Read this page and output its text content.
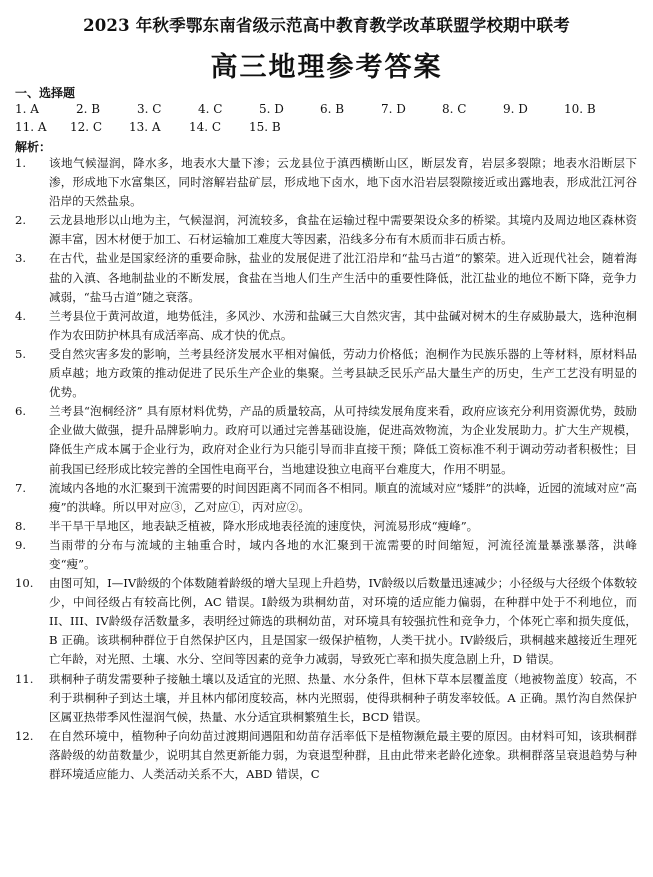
2023 年秋季鄂东南省级示范高中教育教学改革联盟学校期中联考
高三地理参考答案
一、选择题
1. A	2. B	3. C	4. C	5. D	6. B	7. D	8. C	9. D	10. B
11. A 12. C 13. A 14. C 15. B
解析：
1. 该地气候湿润，降水多，地表水大量下渗；云龙县位于滇西横断山区，断层发育，岩层多裂隙；地表水沿断层下渗，形成地下水富集区，同时溶解岩盐矿层，形成地下卤水，地下卤水沿岩层裂隙接近或出露地表，形成沘江河谷沿岸的天然盐泉。
2. 云龙县地形以山地为主，气候湿润，河流较多，食盐在运输过程中需要架设众多的桥梁。其境内及周边地区森林资源丰富，因木材便于加工、石材运输加工难度大等因素，沿线多分布有木质而非石质古桥。
3. 在古代，盐业是国家经济的重要命脉，盐业的发展促进了沘江沿岸和“盐马古道”的繁荣。进入近现代社会，随着海盐的入滇、各地制盐业的不断发展，食盐在当地人们生产生活中的重要性降低，沘江盐业的地位不断下降，竞争力减弱，“盐马古道”随之衰落。
4. 兰考县位于黄河故道，地势低洼，多风沙、水涝和盐碱三大自然灾害，其中盐碱对树木的生存威胁最大，选种泡桐作为农田防护林具有成活率高、成才快的优点。
5. 受自然灾害多发的影响，兰考县经济发展水平相对偏低，劳动力价格低；泡桐作为民族乐器的上等材料，原材料品质卓越；地方政策的推动促进了民乐生产企业的集聚。兰考县缺乏民乐产品大量生产的历史，生产工艺没有明显的优势。
6. 兰考县“泡桐经济” 具有原材料优势，产品的质量较高，从可持续发展角度来看，政府应该充分利用资源优势，鼓励企业做大做强，提升品牌影响力。政府可以通过完善基础设施，促进高效物流，为企业发展助力。扩大生产规模，降低生产成本属于企业行为，政府对企业行为只能引导而非直接干预；降低工资标准不利于调动劳动者积极性；目前我国已经形成比较完善的全国性电商平台，当地建设独立电商平台难度大，作用不明显。
7. 流域内各地的水汇聚到干流需要的时间因距离不同而各不相同。顺直的流域对应“矮胖”的洪峰，近园的流域对应“高瘦”的洪峰。所以甲对应③，乙对应①，丙对应②。
8. 半干旱干旱地区，地表缺乏植被，降水形成地表径流的速度快，河流易形成“瘦峰”。
9. 当雨带的分布与流域的主轴重合时，域内各地的水汇聚到干流需要的时间缩短，河流径流量暴涨暴落，洪峰变“瘦”。
10. 由图可知，I—IV龄级的个体数随着龄级的增大呈现上升趋势，IV龄级以后数量迅速减少；小径级与大径级个体数较少，中间径级占有较高比例，AC 错误。I龄级为珙桐幼苗，对环境的适应能力偏弱，在种群中处于不利地位，而II、III、IV龄级存活数量多，表明经过筛选的珙桐幼苗，对环境具有较强抗性和竞争力，个体死亡率和损失度低，B 正确。该珙桐种群位于自然保护区内，且是国家一级保护植物，人类干扰小。IV龄级后，珙桐越来越接近生理死亡年龄，对光照、土壤、水分、空间等因素的竞争力减弱，导致死亡率和损失度急剧上升，D 错误。
11. 珙桐种子萌发需要种子接触土壤以及适宜的光照、热量、水分条件，但林下草本层覆盖度（地被物盖度）较高，不利于珙桐种子到达土壤，并且林内郁闭度较高，林内光照弱，使得珙桐种子萌发率较低。A 正确。黑竹沟自然保护区属亚热带季风性湿润气候，热量、水分适宜珙桐繁殖生长，BCD 错误。
12. 在自然环境中，植物种子向幼苗过渡期间遇阻和幼苗存活率低下是植物濒危最主要的原因。由材料可知，该珙桐群落龄级的幼苗数量少，说明其自然更新能力弱，为衰退型种群，且由此带来老龄化迹象。珙桐群落呈衰退趋势与种群环境适应能力、人类活动关系不大，ABD 错误，C
